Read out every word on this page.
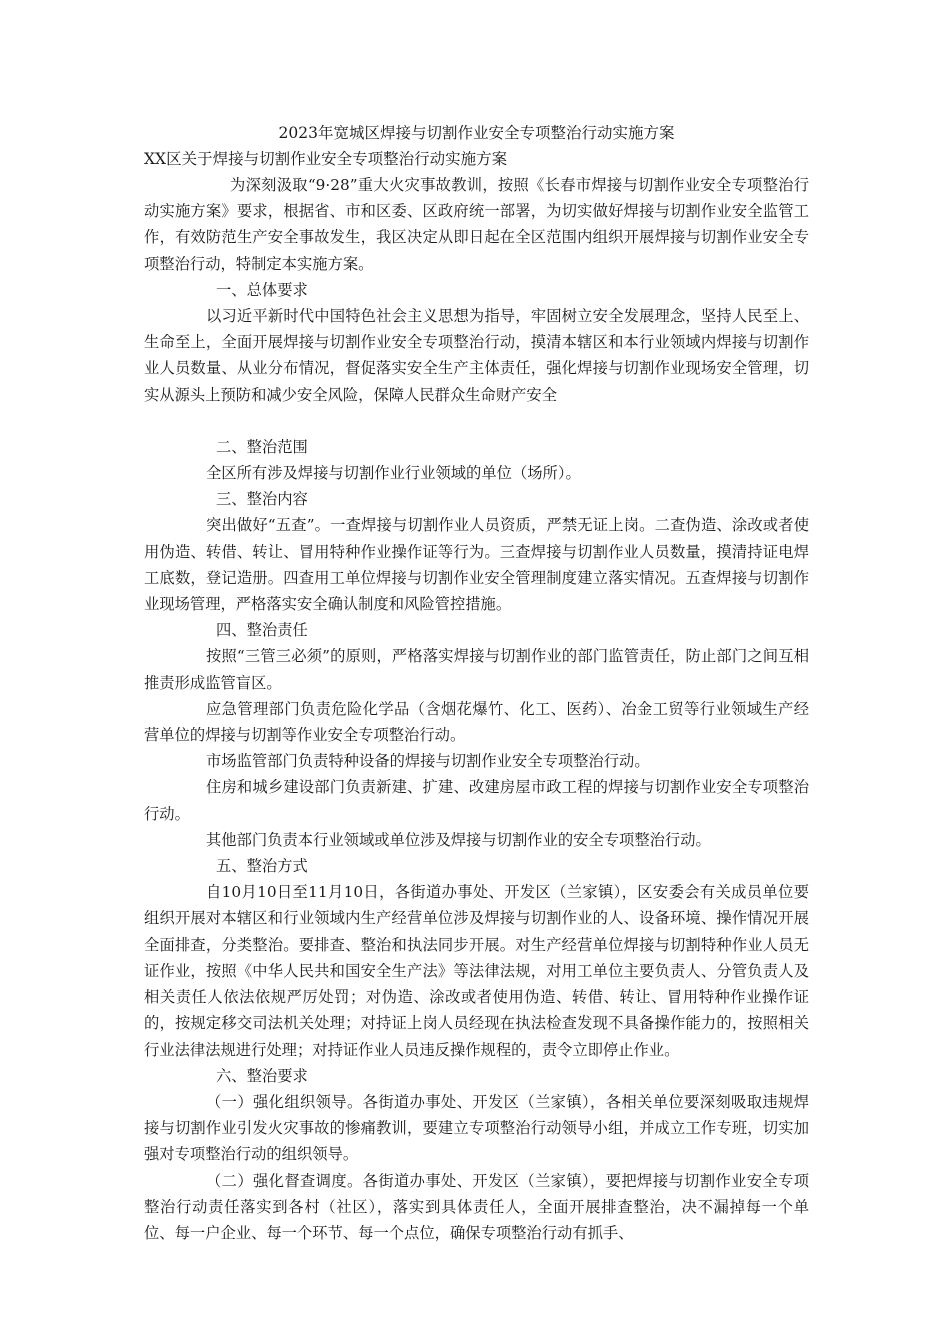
2023年宽城区焊接与切割作业安全专项整治行动实施方案
XX区关于焊接与切割作业安全专项整治行动实施方案

为深刻汲取“9·28”重大火灾事故教训，按照《长春市焊接与切割作业安全专项整治行动实施方案》要求，根据省、市和区委、区政府统一部署，为切实做好焊接与切割作业安全监管工作，有效防范生产安全事故发生，我区决定从即日起在全区范围内组织开展焊接与切割作业安全专项整治行动，特制定本实施方案。

一、总体要求

以习近平新时代中国特色社会主义思想为指导，牢固树立安全发展理念，坚持人民至上、生命至上，全面开展焊接与切割作业安全专项整治行动，摸清本辖区和本行业领域内焊接与切割作业人员数量、从业分布情况，督促落实安全生产主体责任，强化焊接与切割作业现场安全管理，切实从源头上预防和减少安全风险，保障人民群众生命财产安全

二、整治范围

全区所有涉及焊接与切割作业行业领域的单位（场所）。

三、整治内容

突出做好“五查”。一查焊接与切割作业人员资质，严禁无证上岗。二查伪造、涂改或者使用伪造、转借、转让、冒用特种作业操作证等行为。三查焊接与切割作业人员数量，摸清持证电焊工底数，登记造册。四查用工单位焊接与切割作业安全管理制度建立落实情况。五查焊接与切割作业现场管理，严格落实安全确认制度和风险管控措施。

四、整治责任

按照“三管三必须”的原则，严格落实焊接与切割作业的部门监管责任，防止部门之间互相推责形成监管盲区。

应急管理部门负责危险化学品（含烟花爆竹、化工、医药）、冶金工贸等行业领域生产经营单位的焊接与切割等作业安全专项整治行动。

市场监管部门负责特种设备的焊接与切割作业安全专项整治行动。

住房和城乡建设部门负责新建、扩建、改建房屋市政工程的焊接与切割作业安全专项整治行动。

其他部门负责本行业领域或单位涉及焊接与切割作业的安全专项整治行动。

五、整治方式

自10月10日至11月10日，各街道办事处、开发区（兰家镇），区安委会有关成员单位要组织开展对本辖区和行业领域内生产经营单位涉及焊接与切割作业的人、设备环境、操作情况开展全面排查，分类整治。要排查、整治和执法同步开展。对生产经营单位焊接与切割特种作业人员无证作业，按照《中华人民共和国安全生产法》等法律法规，对用工单位主要负责人、分管负责人及相关责任人依法依规严厉处罚；对伪造、涂改或者使用伪造、转借、转让、冒用特种作业操作证的，按规定移交司法机关处理；对持证上岗人员经现在执法检查发现不具备操作能力的，按照相关行业法律法规进行处理；对持证作业人员违反操作规程的，责令立即停止作业。

六、整治要求

（一）强化组织领导。各街道办事处、开发区（兰家镇），各相关单位要深刻吸取违规焊接与切割作业引发火灾事故的惨痛教训，要建立专项整治行动领导小组，并成立工作专班，切实加强对专项整治行动的组织领导。

（二）强化督查调度。各街道办事处、开发区（兰家镇），要把焊接与切割作业安全专项整治行动责任落实到各村（社区），落实到具体责任人，全面开展排查整治，决不漏掉每一个单位、每一户企业、每一个环节、每一个点位，确保专项整治行动有抓手、
